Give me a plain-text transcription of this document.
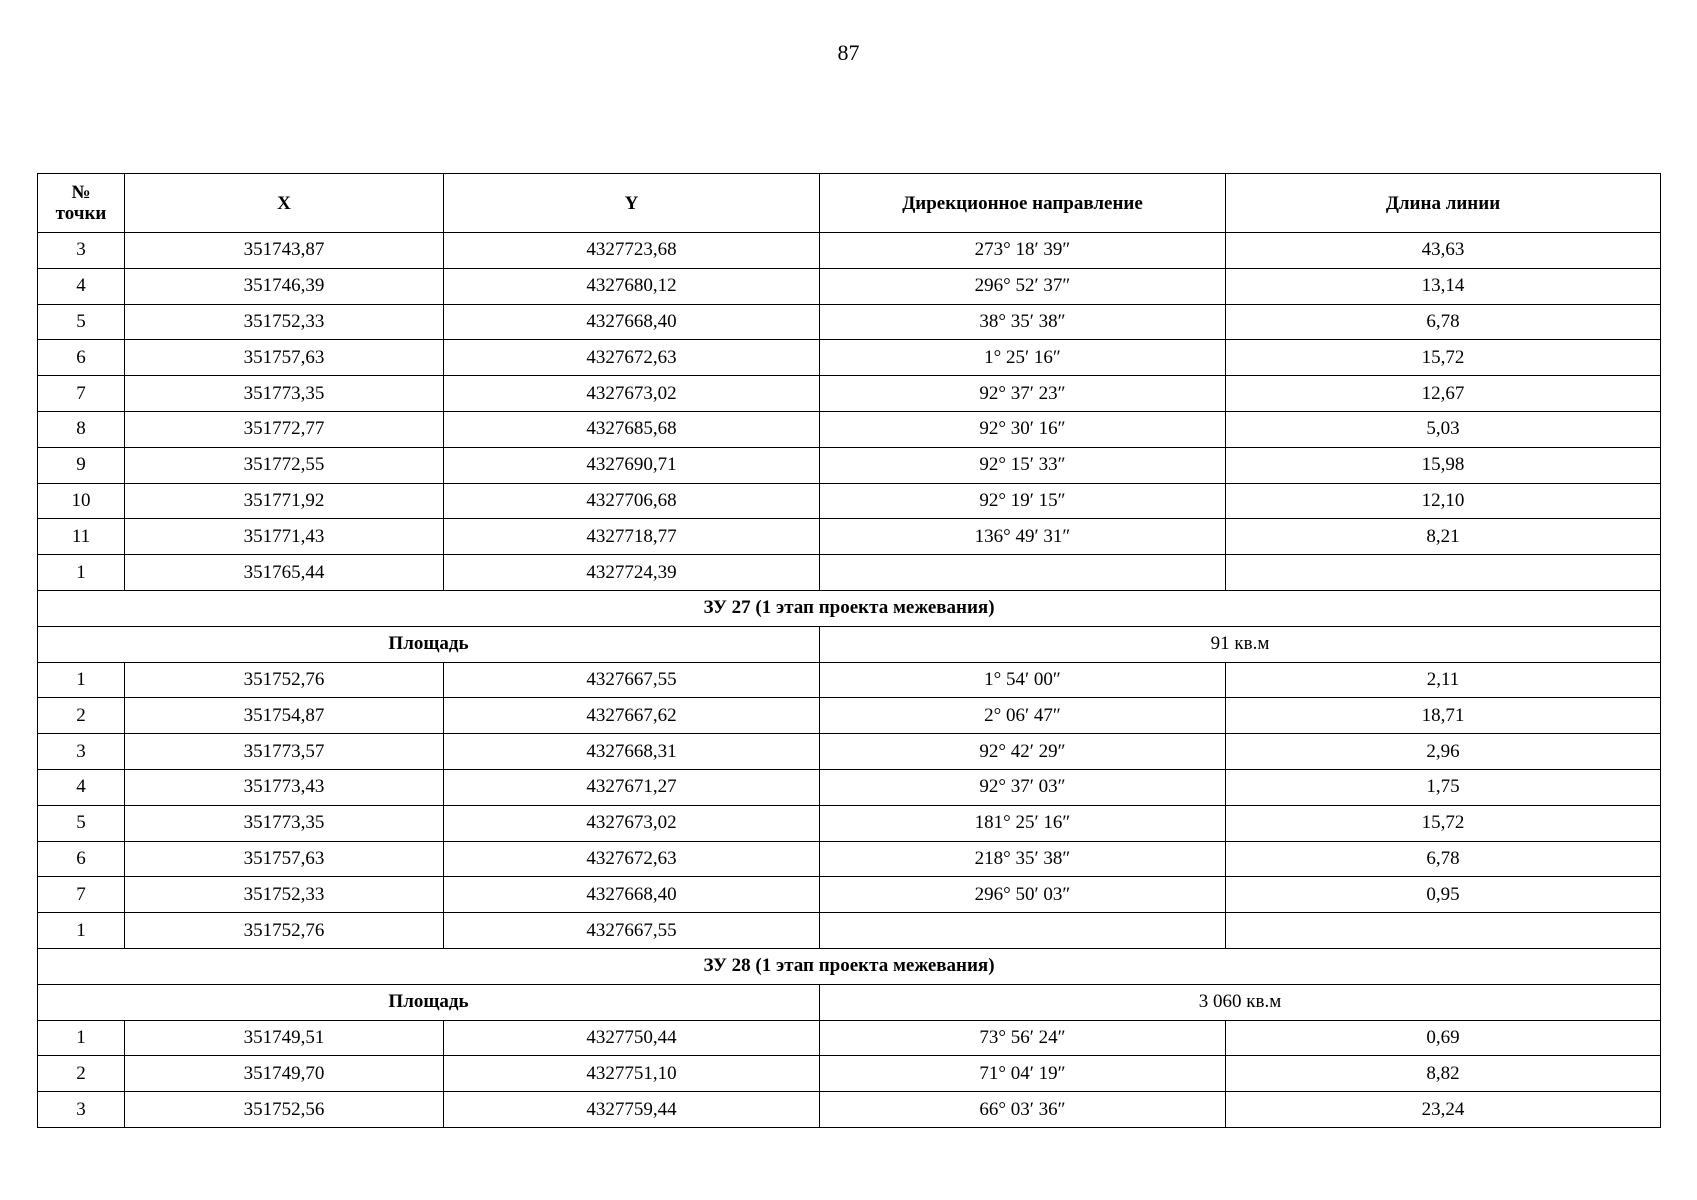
87
№
точки	X	Y	Дирекционное направление	Длина линии
3	351743,87	4327723,68	273° 18′ 39″	43,63
4	351746,39	4327680,12	296° 52′ 37″	13,14
5	351752,33	4327668,40	38° 35′ 38″	6,78
6	351757,63	4327672,63	1° 25′ 16″	15,72
7	351773,35	4327673,02	92° 37′ 23″	12,67
8	351772,77	4327685,68	92° 30′ 16″	5,03
9	351772,55	4327690,71	92° 15′ 33″	15,98
10	351771,92	4327706,68	92° 19′ 15″	12,10
11	351771,43	4327718,77	136° 49′ 31″	8,21
1	351765,44	4327724,39		
ЗУ 27 (1 этап проекта межевания)				
Площадь			91 кв.м	
1	351752,76	4327667,55	1° 54′ 00″	2,11
2	351754,87	4327667,62	2° 06′ 47″	18,71
3	351773,57	4327668,31	92° 42′ 29″	2,96
4	351773,43	4327671,27	92° 37′ 03″	1,75
5	351773,35	4327673,02	181° 25′ 16″	15,72
6	351757,63	4327672,63	218° 35′ 38″	6,78
7	351752,33	4327668,40	296° 50′ 03″	0,95
1	351752,76	4327667,55		
ЗУ 28 (1 этап проекта межевания)				
Площадь			3 060 кв.м	
1	351749,51	4327750,44	73° 56′ 24″	0,69
2	351749,70	4327751,10	71° 04′ 19″	8,82
3	351752,56	4327759,44	66° 03′ 36″	23,24
